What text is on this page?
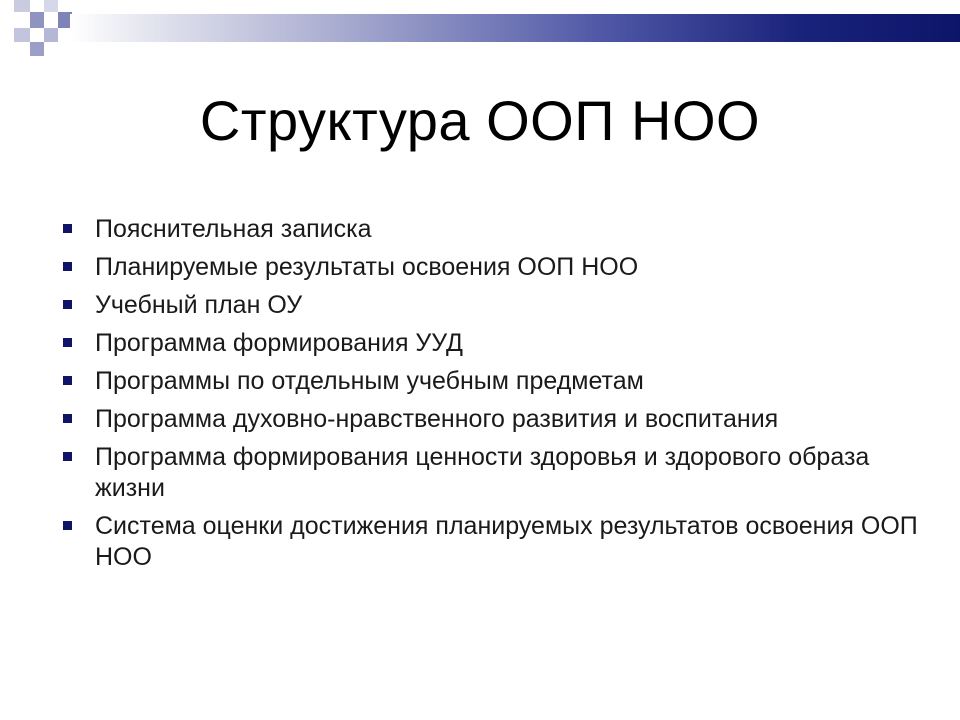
Структура ООП НОО
Пояснительная записка
Планируемые результаты освоения ООП НОО
Учебный план ОУ
Программа формирования УУД
Программы по отдельным учебным предметам
Программа духовно-нравственного развития и воспитания
Программа формирования ценности здоровья и здорового образа жизни
Система оценки достижения планируемых результатов освоения ООП НОО
